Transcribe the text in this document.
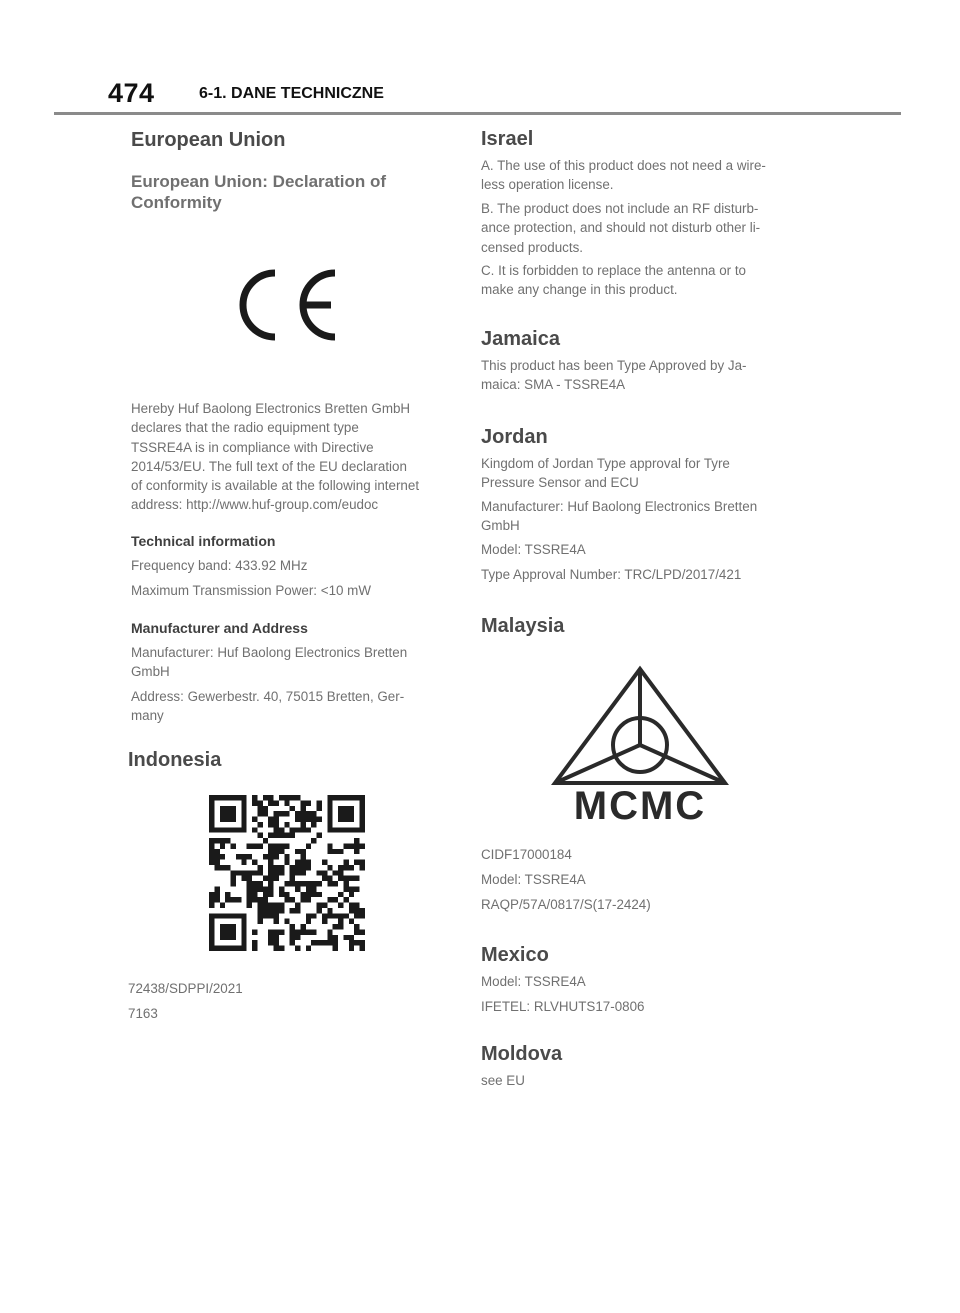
474	6-1. DANE TECHNICZNE
European Union
European Union: Declaration of Conformity

Hereby Huf Baolong Electronics Bretten GmbH

declares that the radio equipment type

TSSRE4A is in compliance with Directive

2014/53/EU. The full text of the EU declaration

of conformity is available at the following internet

address: http://www.huf-group.com/eudoc

Technical information

Frequency band: 433.92 MHz

Maximum Transmission Power: <10 mW

Manufacturer and Address

Manufacturer: Huf Baolong Electronics Bretten

GmbH

Address: Gewerbestr. 40, 75015 Bretten, Ger-

many

Indonesia

72438/SDPPI/2021

7163

Israel

A. The use of this product does not need a wire-

less operation license.

B. The product does not include an RF disturb-

ance protection, and should not disturb other li-

censed products.

C. It is forbidden to replace the antenna or to

make any change in this product.

Jamaica

This product has been Type Approved by Ja-

maica: SMA - TSSRE4A

Jordan

Kingdom of Jordan Type approval for Tyre

Pressure Sensor and ECU

Manufacturer: Huf Baolong Electronics Bretten

GmbH

Model: TSSRE4A

Type Approval Number: TRC/LPD/2017/421

Malaysia
MCMC

CIDF17000184

Model: TSSRE4A

RAQP/57A/0817/S(17-2424)

Mexico

Model: TSSRE4A

IFETEL: RLVHUTS17-0806

Moldova

see EU
